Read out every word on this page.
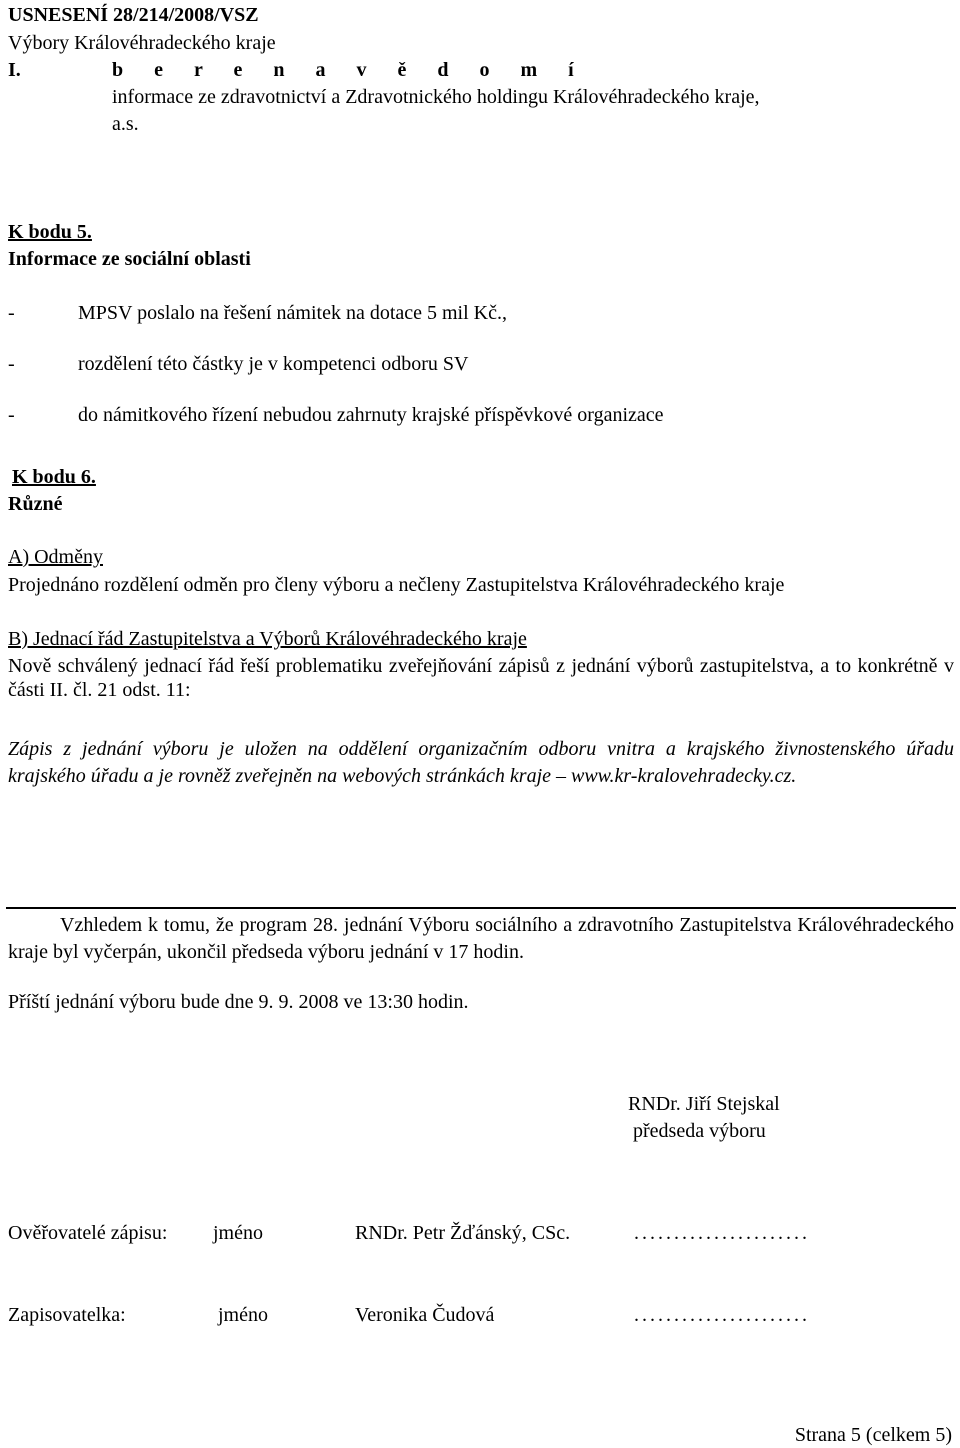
USNESENÍ 28/214/2008/VSZ
Výbory Královéhradeckého kraje
I.	b e r e n a v ě d o m í
informace ze zdravotnictví a Zdravotnického holdingu Královéhradeckého kraje,
a.s.
K bodu 5.
Informace ze sociální oblasti
-	MPSV poslalo na řešení námitek na dotace 5 mil Kč.,
-	rozdělení této částky je v kompetenci odboru SV
-	do námitkového řízení nebudou zahrnuty krajské příspěvkové organizace
K bodu 6.
Různé
A) Odměny
Projednáno rozdělení odměn pro členy výboru a nečleny Zastupitelstva Královéhradeckého kraje
B) Jednací řád Zastupitelstva a Výborů Královéhradeckého kraje
Nově schválený jednací řád řeší problematiku zveřejňování zápisů z jednání výborů zastupitelstva, a to konkrétně v části II. čl. 21 odst. 11:
Zápis z jednání výboru je uložen na oddělení organizačním odboru vnitra a krajského živnostenského úřadu krajského úřadu a je rovněž zveřejněn na webových stránkách kraje – www.kr-kralovehradecky.cz.
Vzhledem k tomu, že program 28. jednání Výboru sociálního a zdravotního Zastupitelstva Královéhradeckého kraje byl vyčerpán, ukončil předseda výboru jednání v 17 hodin.
Příští jednání výboru bude dne 9. 9. 2008 ve 13:30 hodin.
RNDr. Jiří Stejskal
předseda výboru
Ověřovatelé zápisu: jméno	RNDr. Petr Žďánský, CSc.	......................
Zapisovatelka:	jméno	Veronika Čudová	......................
Strana 5 (celkem 5)
